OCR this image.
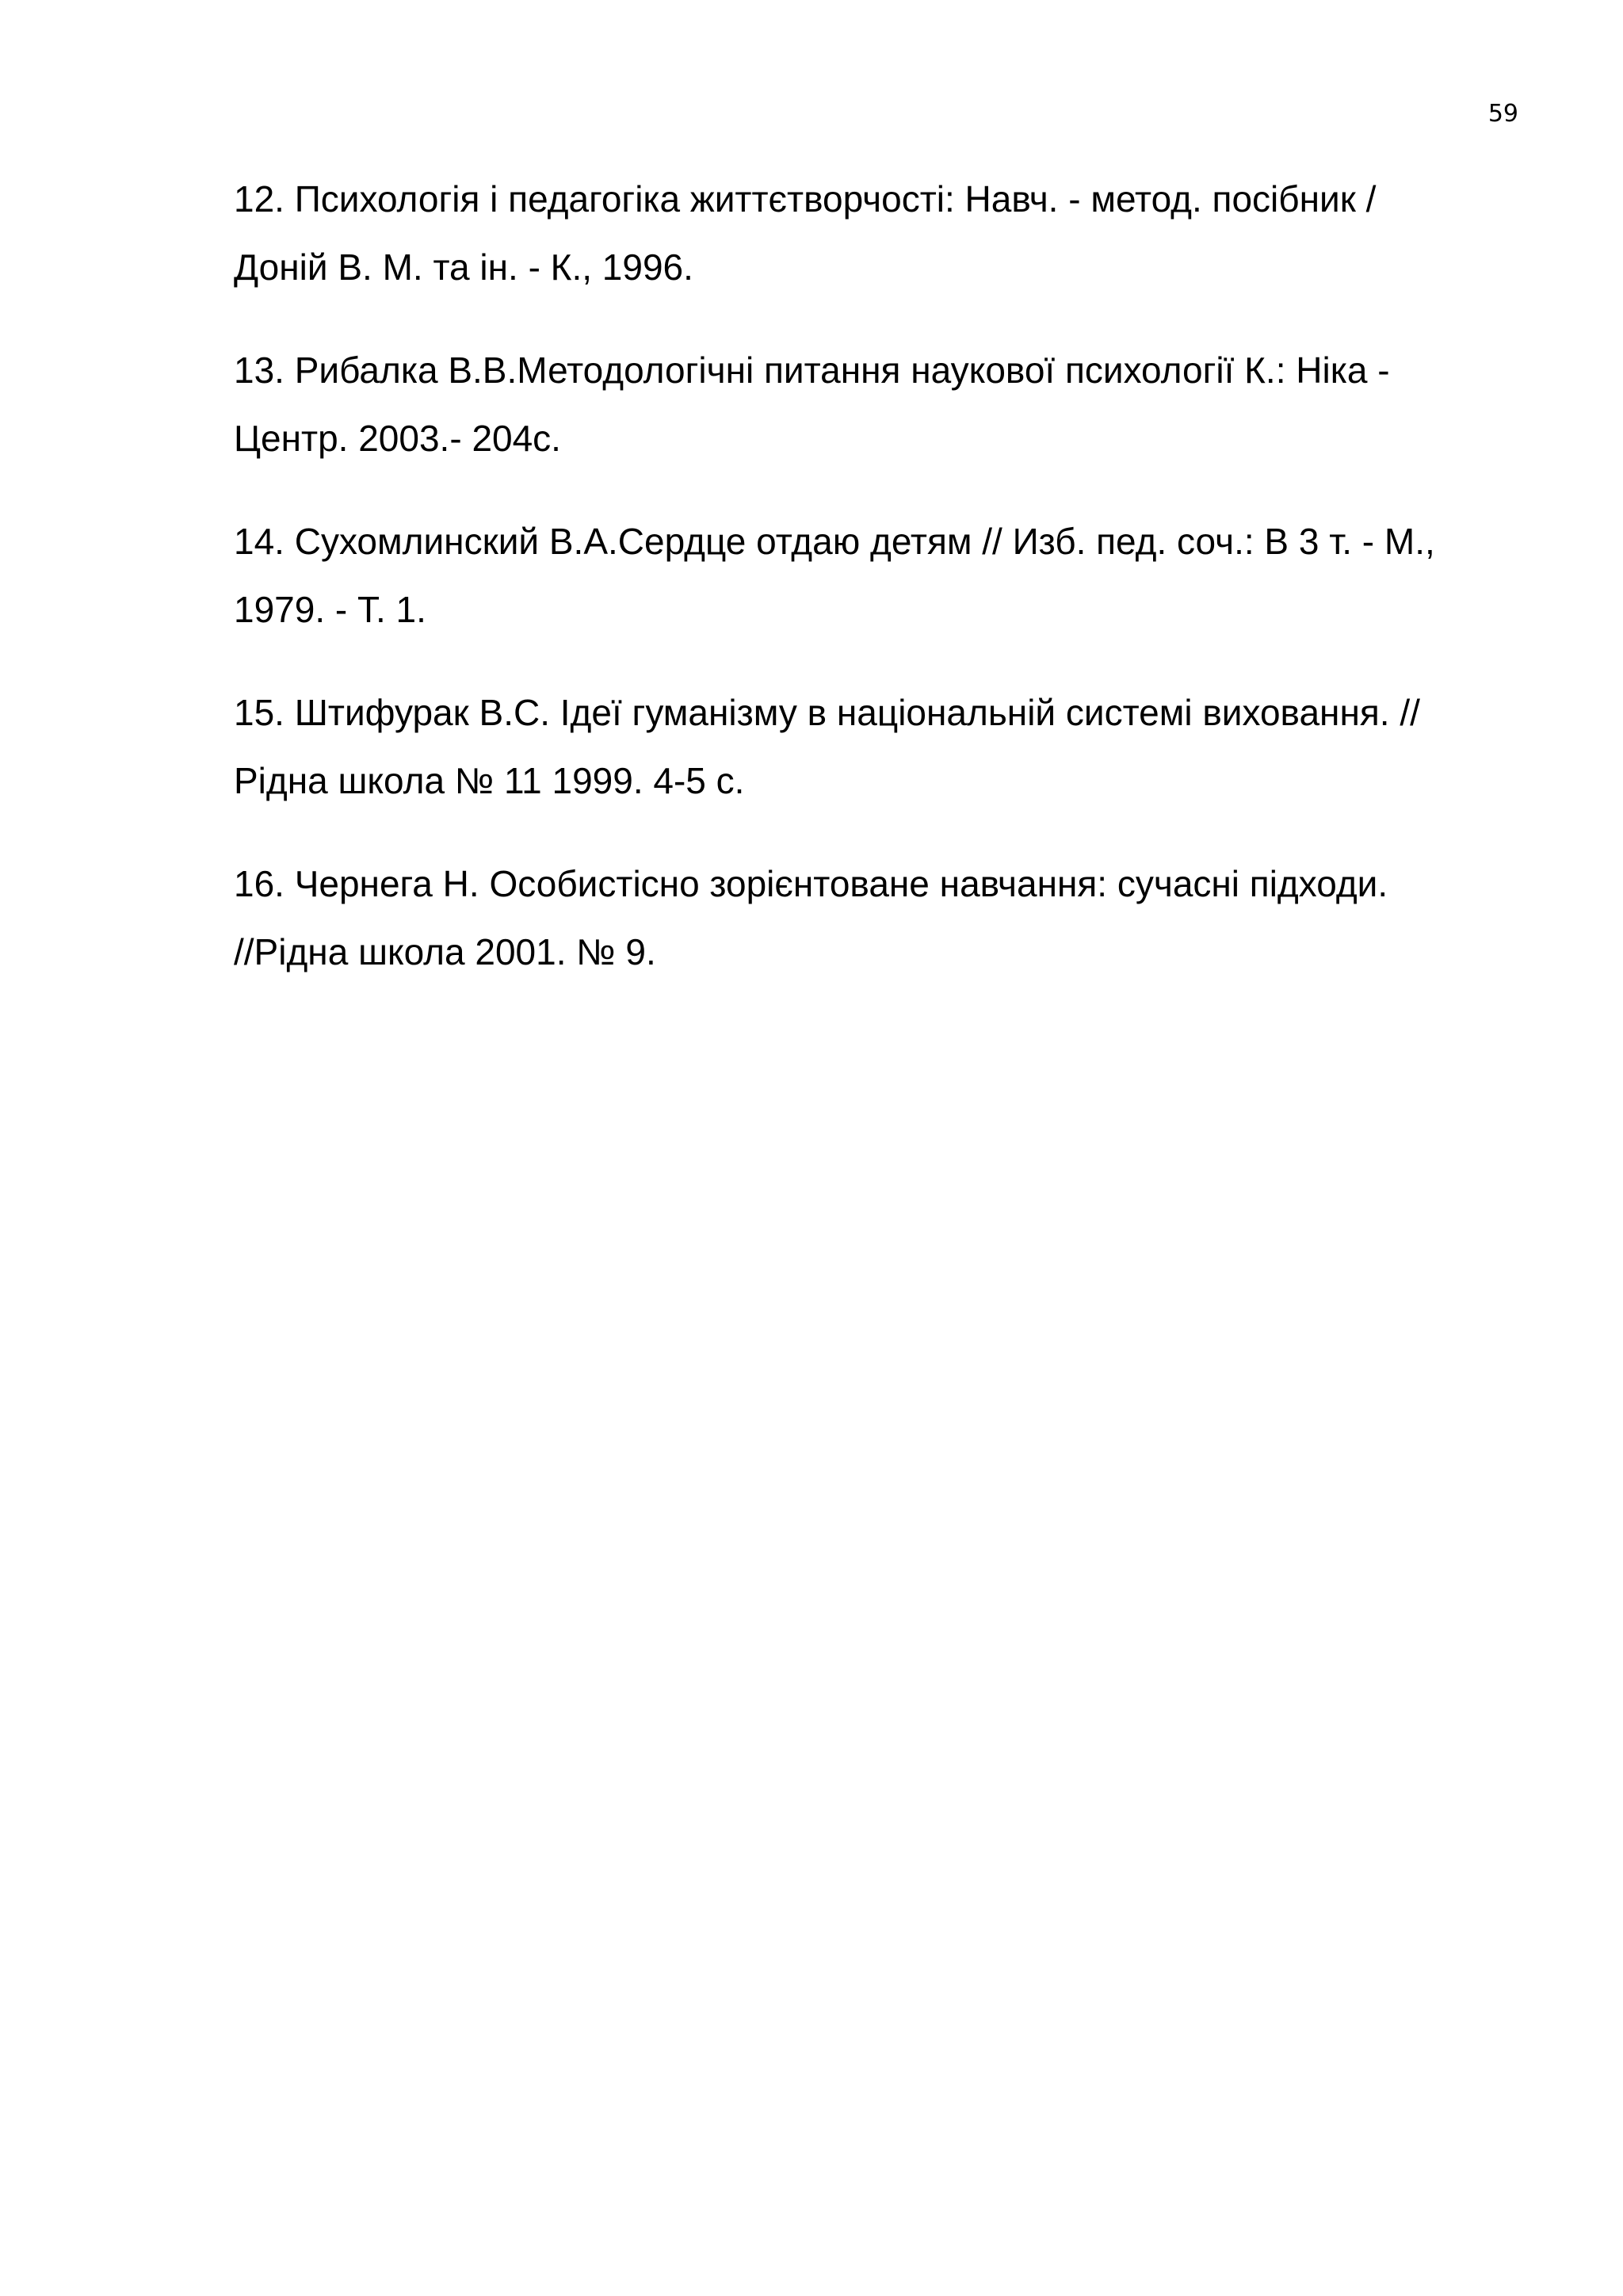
59
12. Психологія і педагогіка життєтворчості: Навч. - метод. посібник /
Доній В. М. та ін. - К., 1996.
13. Рибалка В.В.Методологічні питання наукової психології К.: Ніка -
Центр. 2003.- 204с.
14. Сухомлинский В.А.Сердце отдаю детям // Изб. пед. соч.: В 3 т. - М.,
1979. - Т. 1.
15. Штифурак В.С. Ідеї гуманізму в національній системі виховання. //
Рідна школа № 11 1999. 4-5 с.
16. Чернега Н. Особистісно зорієнтоване навчання: сучасні підходи.
//Рідна школа 2001. № 9.
